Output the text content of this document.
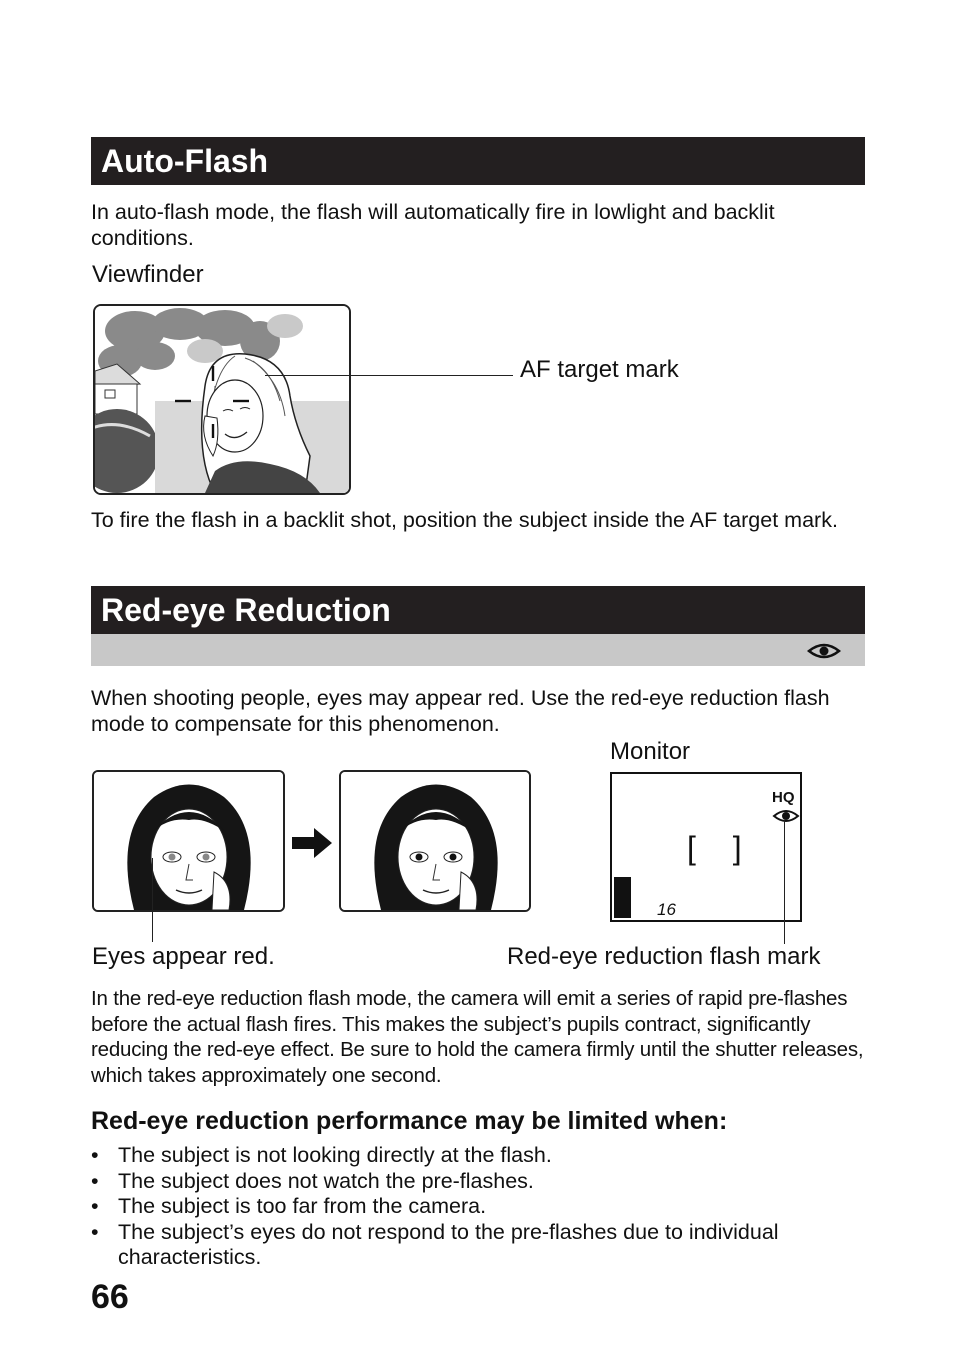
Auto-Flash
In auto-flash mode, the flash will automatically fire in lowlight and backlit conditions.
Viewfinder
AF target mark
To fire the flash in a backlit shot, position the subject inside the AF target mark.
Red-eye Reduction
When shooting people, eyes may appear red. Use the red-eye reduction flash mode to compensate for this phenomenon.
Monitor
HQ
[ ]
16
Eyes appear red.	Red-eye reduction flash mark
In the red-eye reduction flash mode, the camera will emit a series of rapid pre-flashes before the actual flash fires. This makes the subject’s pupils contract, significantly reducing the red-eye effect. Be sure to hold the camera firmly until the shutter releases, which takes approximately one second.
Red-eye reduction performance may be limited when:
• The subject is not looking directly at the flash.
• The subject does not watch the pre-flashes.
• The subject is too far from the camera.
• The subject’s eyes do not respond to the pre-flashes due to individual characteristics.
66
